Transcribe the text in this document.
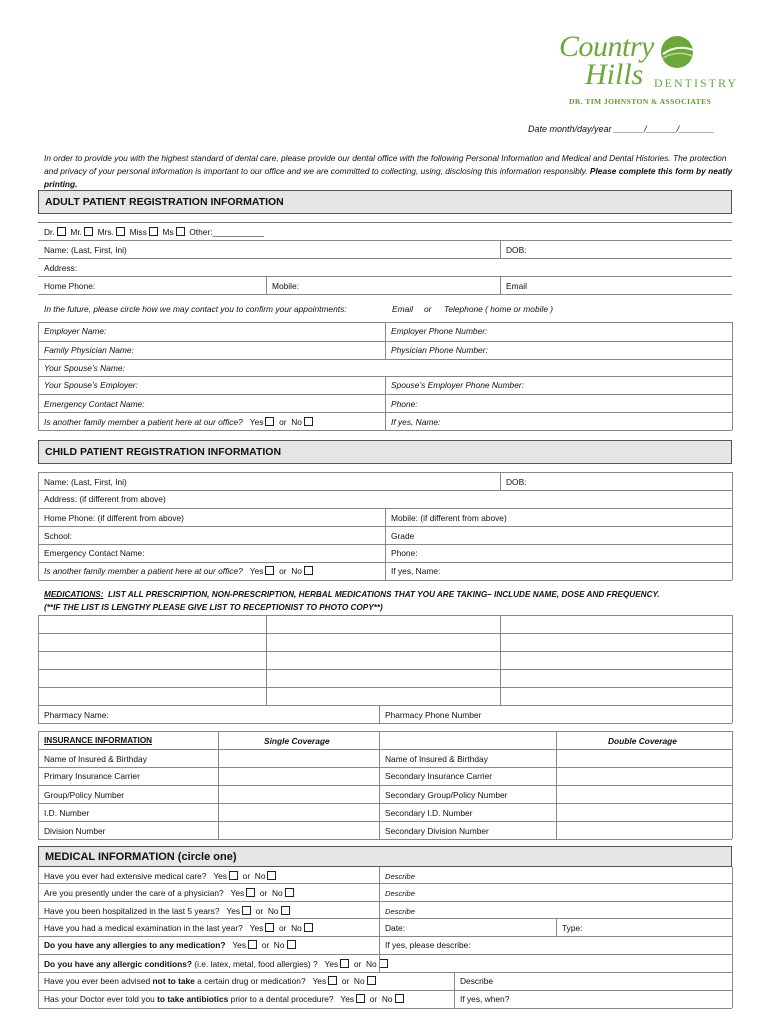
Country
Hills DENTISTRY
DR. TIM JOHNSTON & ASSOCIATES
Date month/day/year ______/______/_______
In order to provide you with the highest standard of dental care, please provide our dental office with the following Personal Information and Medical and Dental Histories. The protection and privacy of your personal information is important to our office and we are committed to collecting, using, disclosing this information responsibly. Please complete this form by neatly printing.
ADULT PATIENT REGISTRATION INFORMATION
Dr. Mr. Mrs. Miss Ms Other:___________
Name: (Last, First, Ini)	DOB:
Address:
Home Phone:	Mobile:	Email
In the future, please circle how we may contact you to confirm your appointments:	Email or Telephone ( home or mobile )
Employer Name:	Employer Phone Number:
Family Physician Name:	Physician Phone Number:
Your Spouse’s Name:
Your Spouse’s Employer:	Spouse’s Employer Phone Number:
Emergency Contact Name:	Phone:
Is another family member a patient here at our office? Yes or No	If yes, Name:
CHILD PATIENT REGISTRATION INFORMATION
Name: (Last, First, Ini)	DOB:
Address: (if different from above)
Home Phone: (if different from above)	Mobile: (if different from above)
School:	Grade
Emergency Contact Name:	Phone:
Is another family member a patient here at our office? Yes or No	If yes, Name:
MEDICATIONS: LIST ALL PRESCRIPTION, NON-PRESCRIPTION, HERBAL MEDICATIONS THAT YOU ARE TAKING– INCLUDE NAME, DOSE AND FREQUENCY.
(**IF THE LIST IS LENGTHY PLEASE GIVE LIST TO RECEPTIONIST TO PHOTO COPY**)
Pharmacy Name:	Pharmacy Phone Number
INSURANCE INFORMATION	Single Coverage	Double Coverage
Name of Insured & Birthday	Name of Insured & Birthday
Primary Insurance Carrier	Secondary Insurance Carrier
Group/Policy Number	Secondary Group/Policy Number
I.D. Number	Secondary I.D. Number
Division Number	Secondary Division Number
MEDICAL INFORMATION (circle one)
Have you ever had extensive medical care? Yes or No	Describe
Are you presently under the care of a physician? Yes or No	Describe
Have you been hospitalized in the last 5 years? Yes or No	Describe
Have you had a medical examination in the last year? Yes or No	Date:	Type:
Do you have any allergies to any medication? Yes or No	If yes, please describe:
Do you have any allergic conditions? (i.e. latex, metal, food allergies) ? Yes or No
Have you ever been advised not to take a certain drug or medication? Yes or No	Describe
Has your Doctor ever told you to take antibiotics prior to a dental procedure? Yes or No	If yes, when?
